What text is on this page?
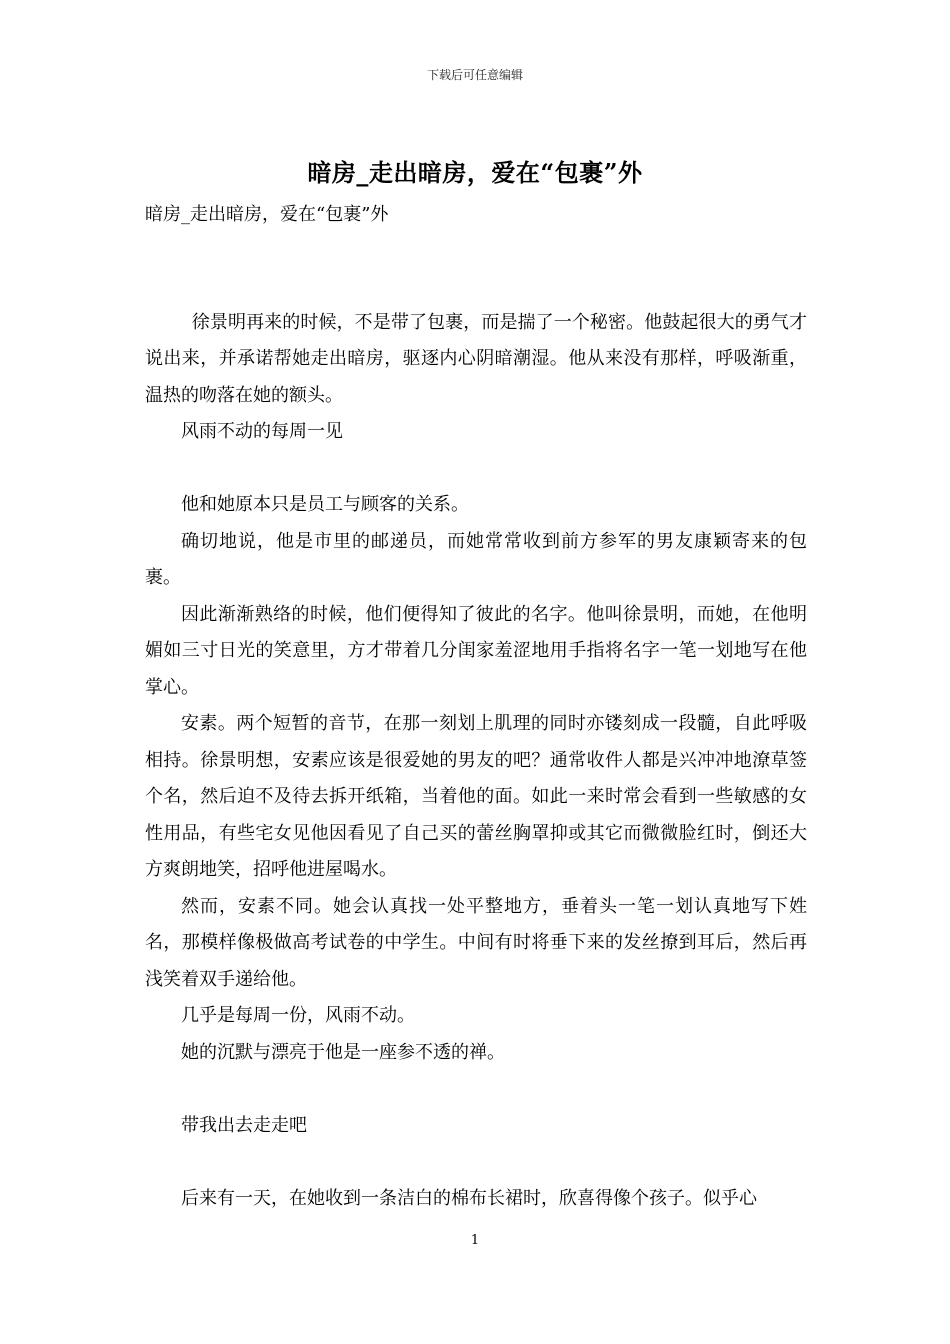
下载后可任意编辑
暗房_走出暗房，爱在“包裹”外
暗房_走出暗房，爱在“包裹”外

徐景明再来的时候，不是带了包裹，而是揣了一个秘密。他鼓起很大的勇气才说出来，并承诺帮她走出暗房，驱逐内心阴暗潮湿。他从来没有那样，呼吸渐重，温热的吻落在她的额头。

风雨不动的每周一见

他和她原本只是员工与顾客的关系。

确切地说，他是市里的邮递员，而她常常收到前方参军的男友康颖寄来的包裹。

因此渐渐熟络的时候，他们便得知了彼此的名字。他叫徐景明，而她，在他明媚如三寸日光的笑意里，方才带着几分闺家羞涩地用手指将名字一笔一划地写在他掌心。

安素。两个短暂的音节，在那一刻划上肌理的同时亦镂刻成一段髓，自此呼吸相持。徐景明想，安素应该是很爱她的男友的吧？通常收件人都是兴冲冲地潦草签个名，然后迫不及待去拆开纸箱，当着他的面。如此一来时常会看到一些敏感的女性用品，有些宅女见他因看见了自己买的蕾丝胸罩抑或其它而微微脸红时，倒还大方爽朗地笑，招呼他进屋喝水。

然而，安素不同。她会认真找一处平整地方，垂着头一笔一划认真地写下姓名，那模样像极做高考试卷的中学生。中间有时将垂下来的发丝撩到耳后，然后再浅笑着双手递给他。

几乎是每周一份，风雨不动。

她的沉默与漂亮于他是一座参不透的禅。

带我出去走走吧

后来有一天，在她收到一条洁白的棉布长裙时，欣喜得像个孩子。似乎心

1
